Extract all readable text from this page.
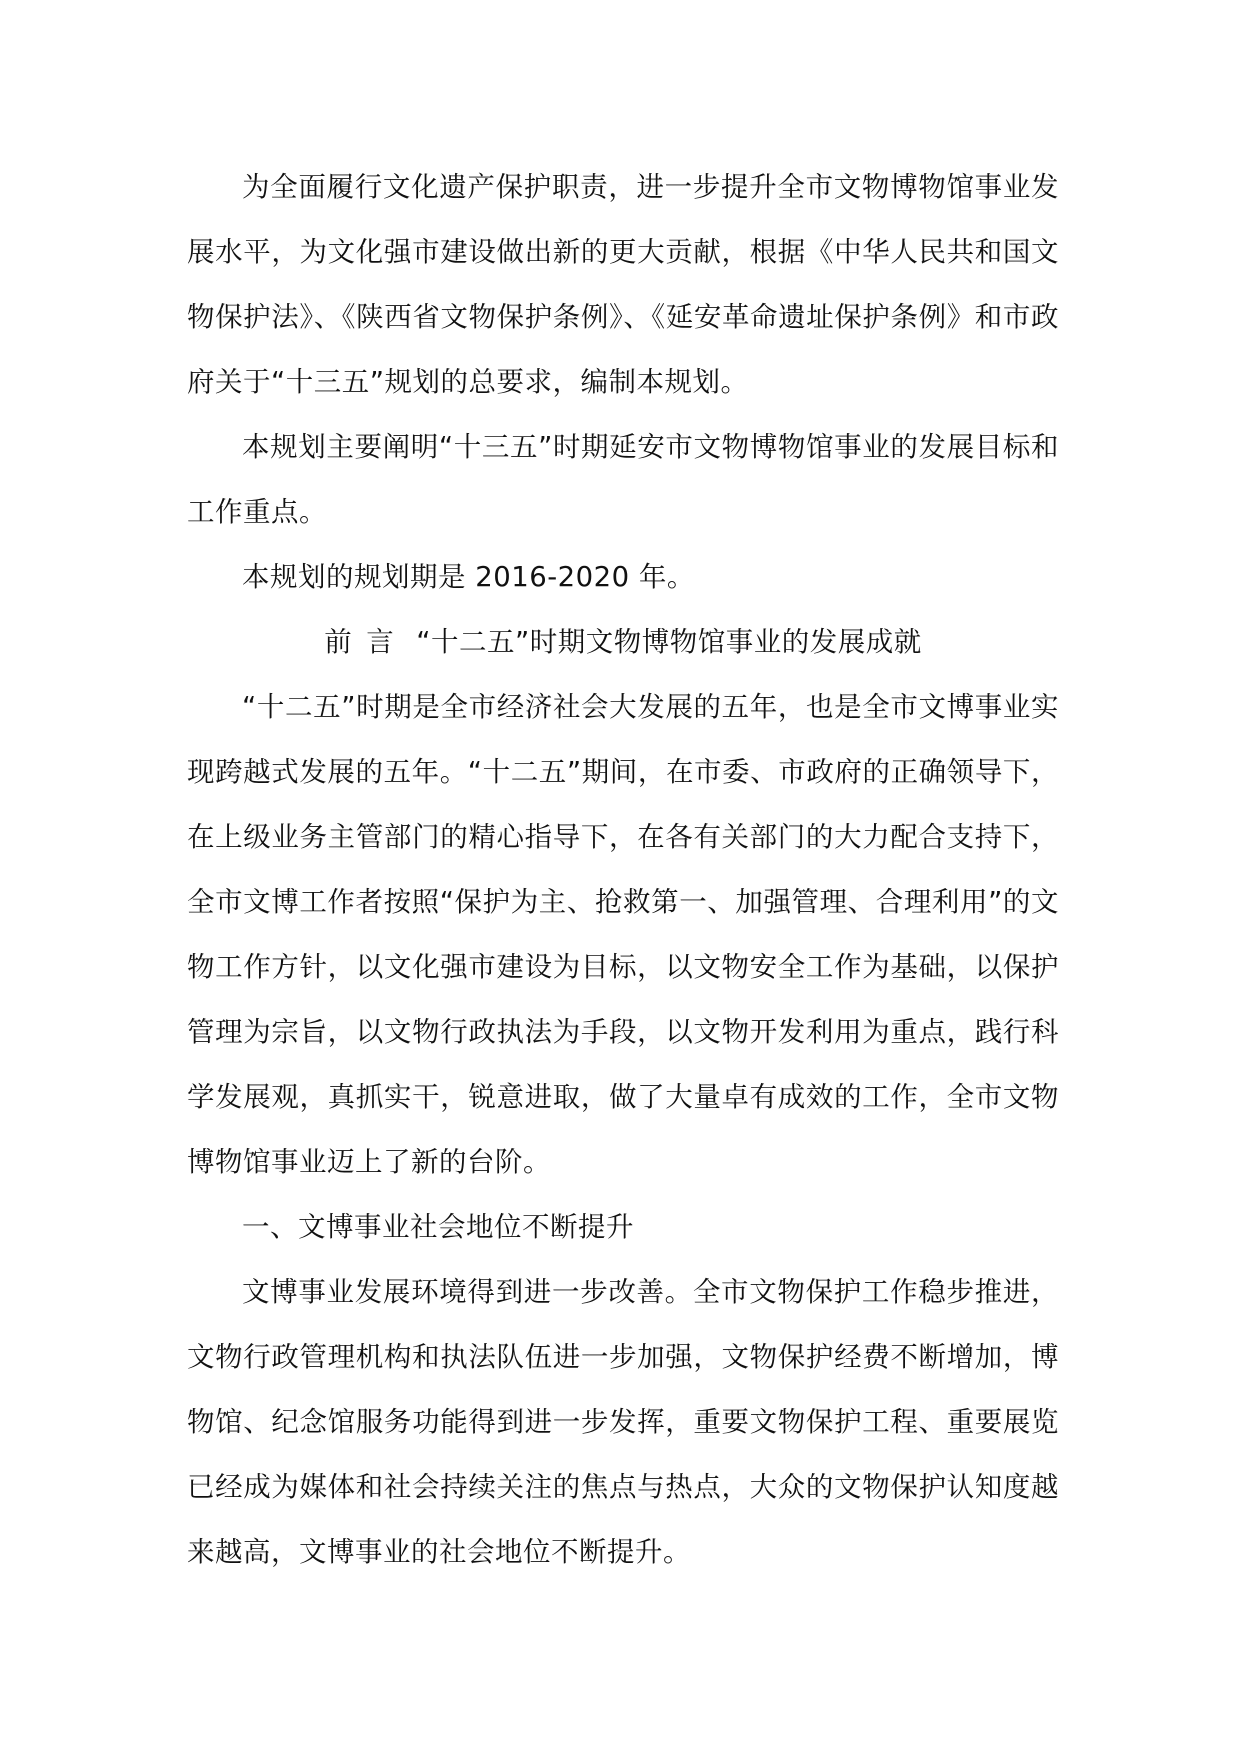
为全面履行文化遗产保护职责，进一步提升全市文物博物馆事业发展水平，为文化强市建设做出新的更大贡献，根据《中华人民共和国文物保护法》、《陕西省文物保护条例》、《延安革命遗址保护条例》和市政府关于“十三五”规划的总要求，编制本规划。

本规划主要阐明“十三五”时期延安市文物博物馆事业的发展目标和工作重点。

本规划的规划期是 2016-2020 年。

前 言 “十二五”时期文物博物馆事业的发展成就

“十二五”时期是全市经济社会大发展的五年，也是全市文博事业实现跨越式发展的五年。“十二五”期间，在市委、市政府的正确领导下，在上级业务主管部门的精心指导下，在各有关部门的大力配合支持下，全市文博工作者按照“保护为主、抢救第一、加强管理、合理利用”的文物工作方针，以文化强市建设为目标，以文物安全工作为基础，以保护管理为宗旨，以文物行政执法为手段，以文物开发利用为重点，践行科学发展观，真抓实干，锐意进取，做了大量卓有成效的工作，全市文物博物馆事业迈上了新的台阶。

一、文博事业社会地位不断提升

文博事业发展环境得到进一步改善。全市文物保护工作稳步推进，文物行政管理机构和执法队伍进一步加强，文物保护经费不断增加，博物馆、纪念馆服务功能得到进一步发挥，重要文物保护工程、重要展览已经成为媒体和社会持续关注的焦点与热点，大众的文物保护认知度越来越高，文博事业的社会地位不断提升。
